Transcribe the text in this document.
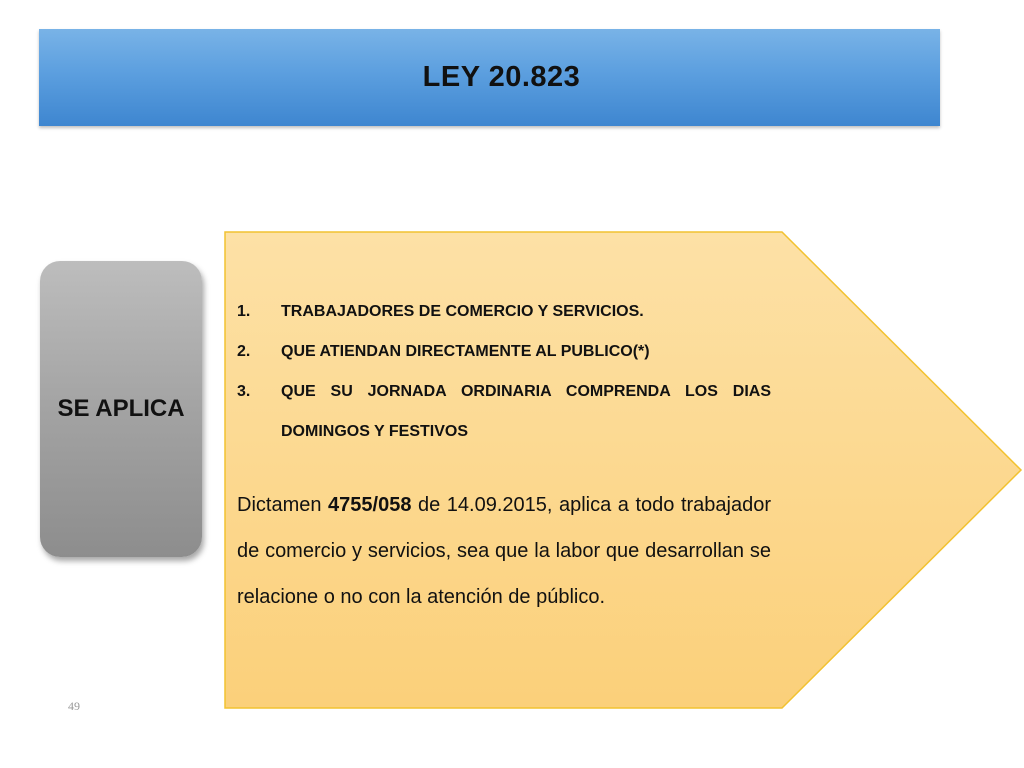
LEY 20.823
SE APLICA
1.	TRABAJADORES DE COMERCIO Y SERVICIOS.
2.	QUE ATIENDAN DIRECTAMENTE AL PUBLICO(*)
3.	QUE SU JORNADA ORDINARIA COMPRENDA LOS DIAS DOMINGOS Y FESTIVOS

Dictamen 4755/058 de 14.09.2015, aplica a todo trabajador de comercio y servicios, sea que la labor que desarrollan se relacione o no con la atención de público.

49
